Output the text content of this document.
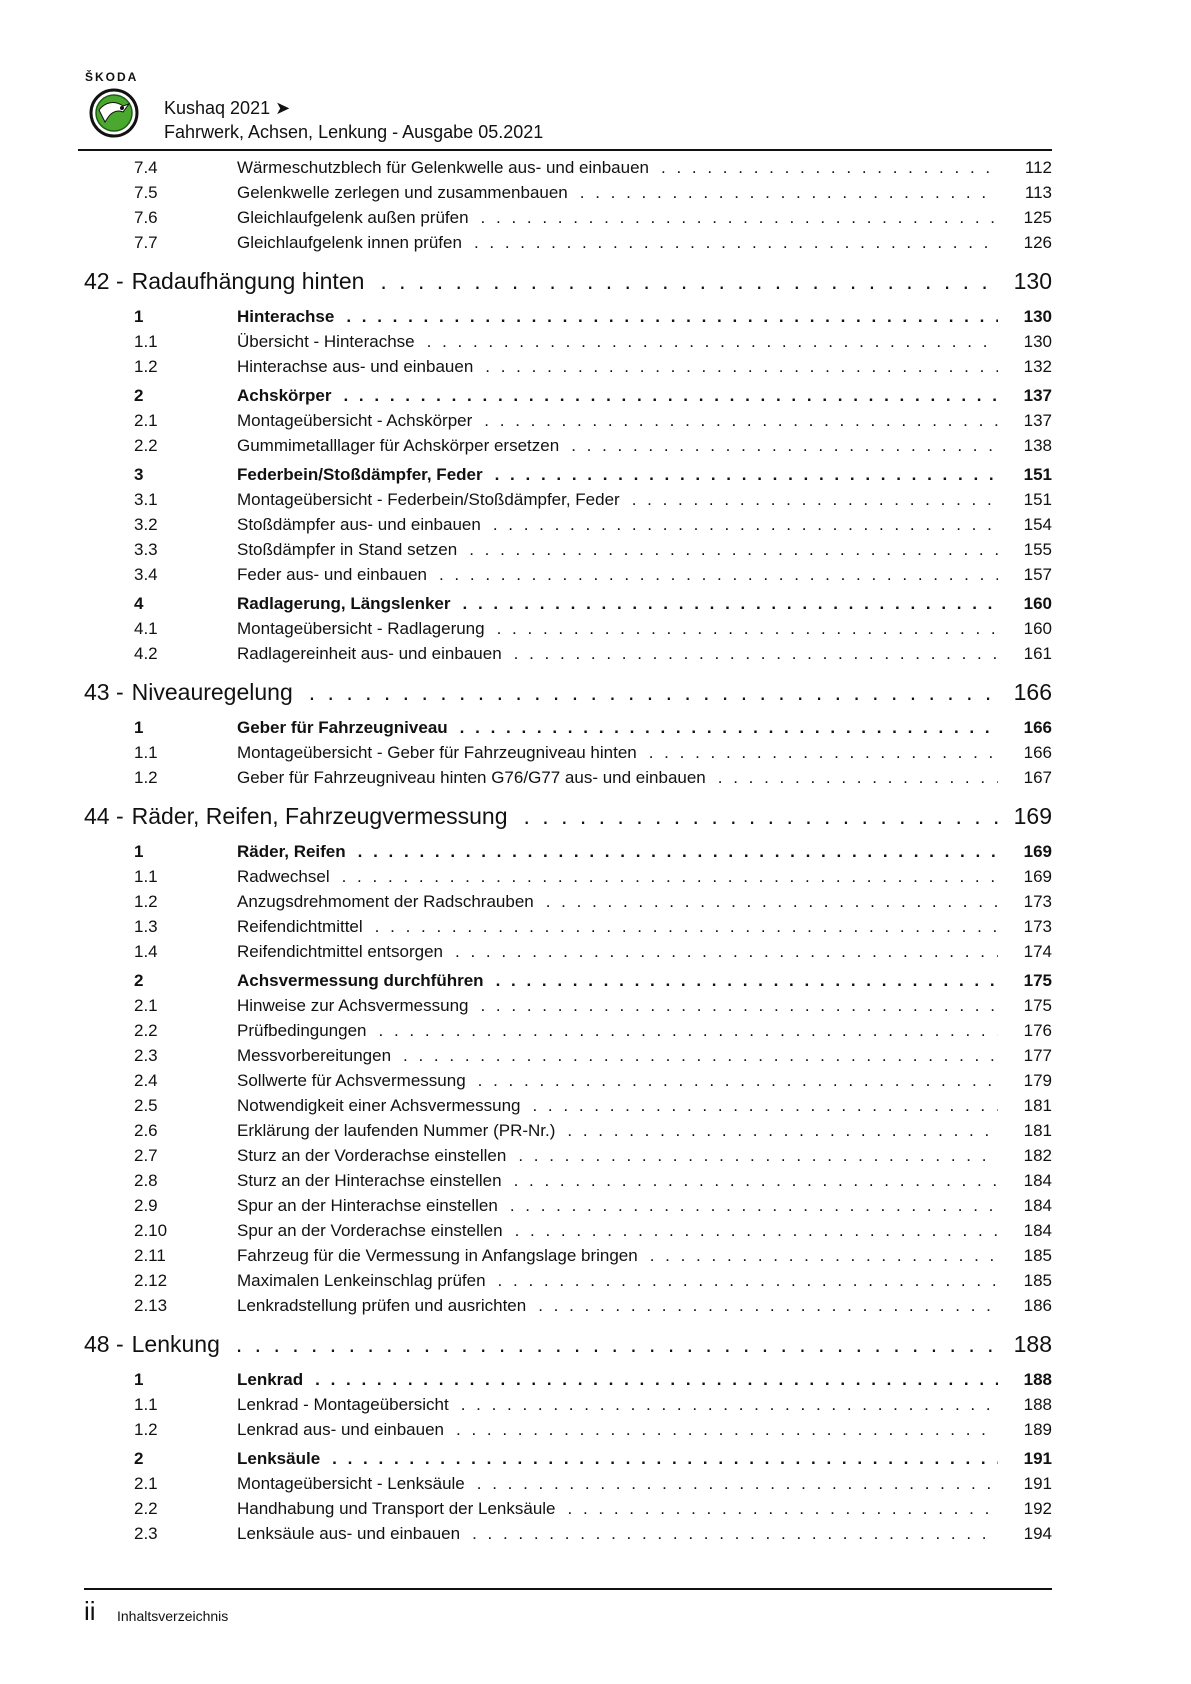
ŠKODA
Kushaq 2021 ➤
Fahrwerk, Achsen, Lenkung - Ausgabe 05.2021
7.4	Wärmeschutzblech für Gelenkwelle aus- und einbauen . . .	112
7.5	Gelenkwelle zerlegen und zusammenbauen . . .	113
7.6	Gleichlaufgelenk außen prüfen . . .	125
7.7	Gleichlaufgelenk innen prüfen . . .	126
42 - Radaufhängung hinten . . .	130
1	Hinterachse . . .	130
1.1	Übersicht - Hinterachse . . .	130
1.2	Hinterachse aus- und einbauen . . .	132
2	Achskörper . . .	137
2.1	Montageübersicht - Achskörper . . .	137
2.2	Gummimetalllager für Achskörper ersetzen . . .	138
3	Federbein/Stoßdämpfer, Feder . . .	151
3.1	Montageübersicht - Federbein/Stoßdämpfer, Feder . . .	151
3.2	Stoßdämpfer aus- und einbauen . . .	154
3.3	Stoßdämpfer in Stand setzen . . .	155
3.4	Feder aus- und einbauen . . .	157
4	Radlagerung, Längslenker . . .	160
4.1	Montageübersicht - Radlagerung . . .	160
4.2	Radlagereinheit aus- und einbauen . . .	161
43 - Niveauregelung . . .	166
1	Geber für Fahrzeugniveau . . .	166
1.1	Montageübersicht - Geber für Fahrzeugniveau hinten . . .	166
1.2	Geber für Fahrzeugniveau hinten G76/G77 aus- und einbauen . . .	167
44 - Räder, Reifen, Fahrzeugvermessung . . .	169
1	Räder, Reifen . . .	169
1.1	Radwechsel . . .	169
1.2	Anzugsdrehmoment der Radschrauben . . .	173
1.3	Reifendichtmittel . . .	173
1.4	Reifendichtmittel entsorgen . . .	174
2	Achsvermessung durchführen . . .	175
2.1	Hinweise zur Achsvermessung . . .	175
2.2	Prüfbedingungen . . .	176
2.3	Messvorbereitungen . . .	177
2.4	Sollwerte für Achsvermessung . . .	179
2.5	Notwendigkeit einer Achsvermessung . . .	181
2.6	Erklärung der laufenden Nummer (PR-Nr.) . . .	181
2.7	Sturz an der Vorderachse einstellen . . .	182
2.8	Sturz an der Hinterachse einstellen . . .	184
2.9	Spur an der Hinterachse einstellen . . .	184
2.10	Spur an der Vorderachse einstellen . . .	184
2.11	Fahrzeug für die Vermessung in Anfangslage bringen . . .	185
2.12	Maximalen Lenkeinschlag prüfen . . .	185
2.13	Lenkradstellung prüfen und ausrichten . . .	186
48 - Lenkung . . .	188
1	Lenkrad . . .	188
1.1	Lenkrad - Montageübersicht . . .	188
1.2	Lenkrad aus- und einbauen . . .	189
2	Lenksäule . . .	191
2.1	Montageübersicht - Lenksäule . . .	191
2.2	Handhabung und Transport der Lenksäule . . .	192
2.3	Lenksäule aus- und einbauen . . .	194
ii Inhaltsverzeichnis
